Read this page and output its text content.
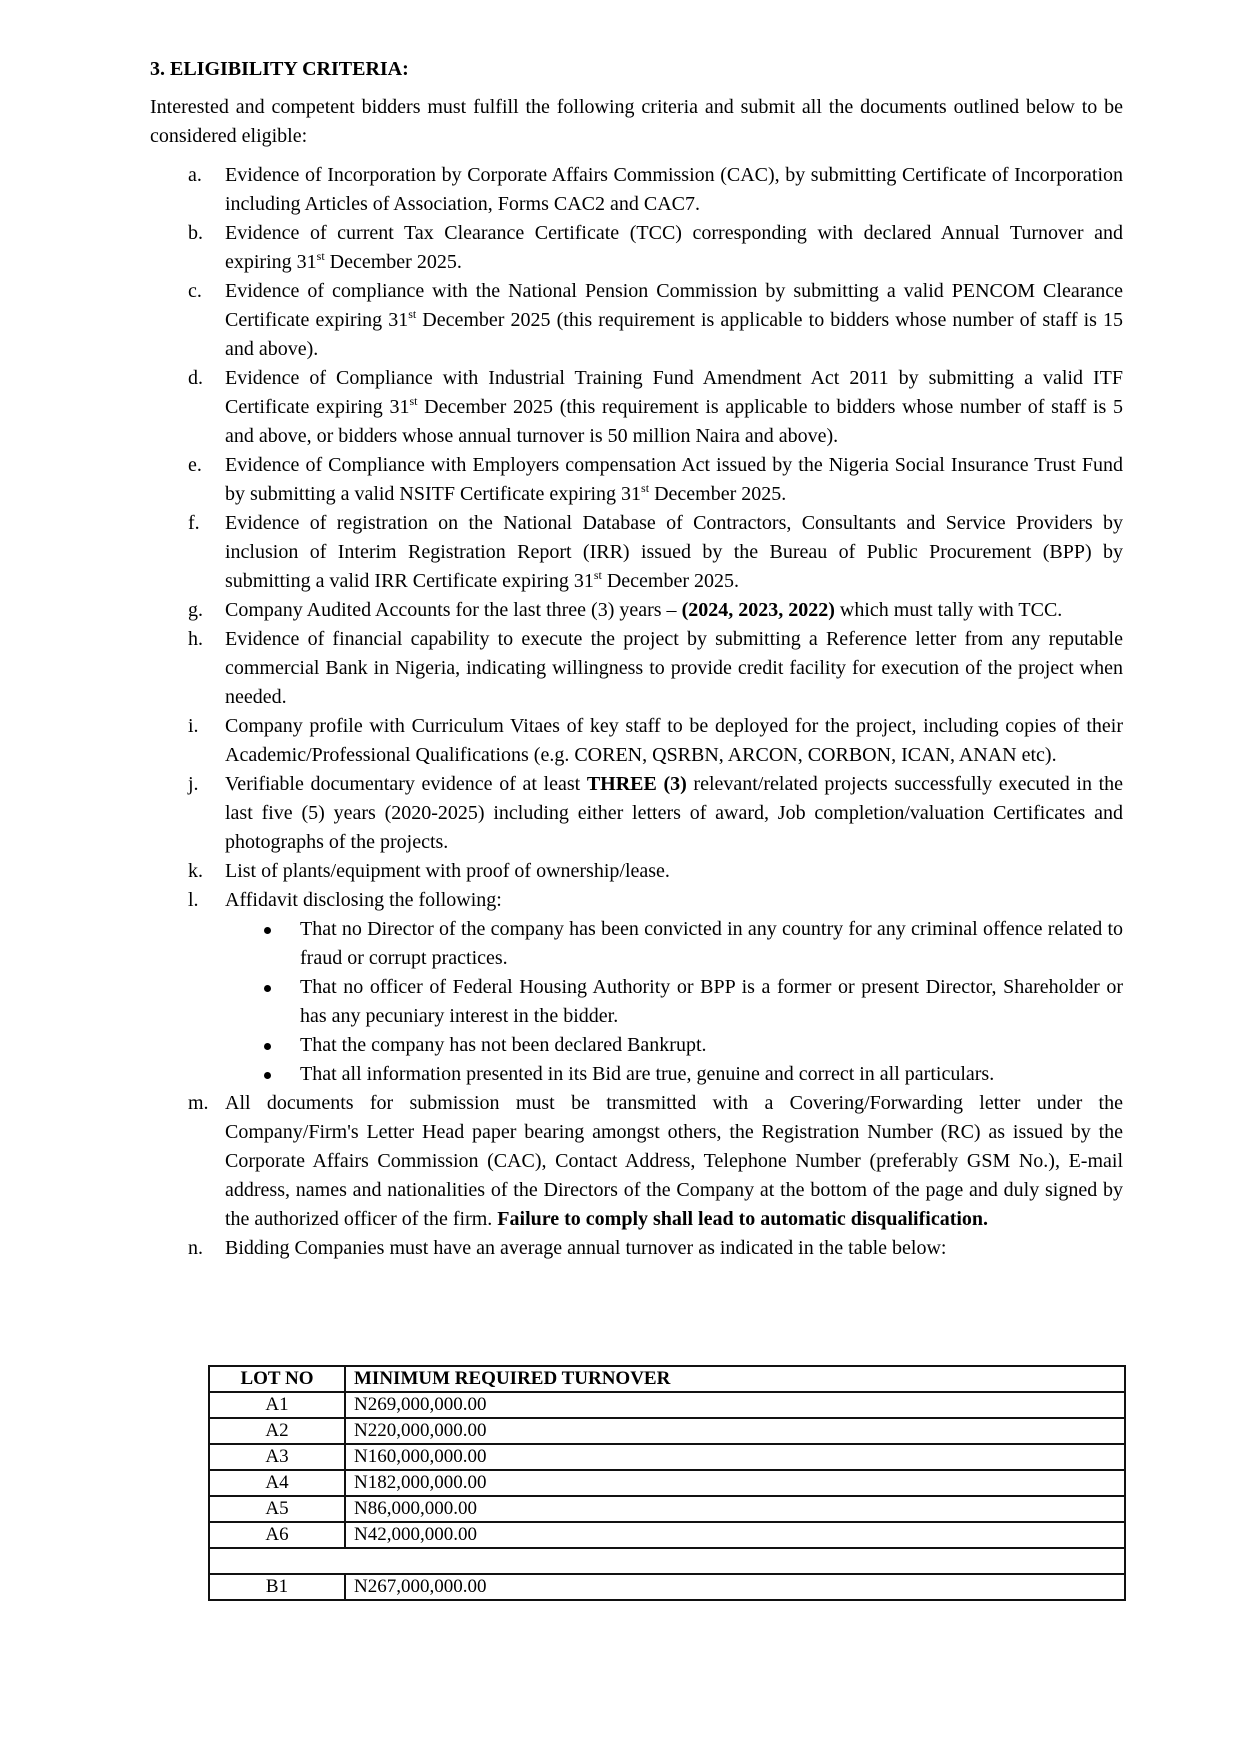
3. ELIGIBILITY CRITERIA:

Interested and competent bidders must fulfill the following criteria and submit all the documents outlined below to be considered eligible:

a. Evidence of Incorporation by Corporate Affairs Commission (CAC), by submitting Certificate of Incorporation including Articles of Association, Forms CAC2 and CAC7.
b. Evidence of current Tax Clearance Certificate (TCC) corresponding with declared Annual Turnover and expiring 31st December 2025.
c. Evidence of compliance with the National Pension Commission by submitting a valid PENCOM Clearance Certificate expiring 31st December 2025 (this requirement is applicable to bidders whose number of staff is 15 and above).
d. Evidence of Compliance with Industrial Training Fund Amendment Act 2011 by submitting a valid ITF Certificate expiring 31st December 2025 (this requirement is applicable to bidders whose number of staff is 5 and above, or bidders whose annual turnover is 50 million Naira and above).
e. Evidence of Compliance with Employers compensation Act issued by the Nigeria Social Insurance Trust Fund by submitting a valid NSITF Certificate expiring 31st December 2025.
f. Evidence of registration on the National Database of Contractors, Consultants and Service Providers by inclusion of Interim Registration Report (IRR) issued by the Bureau of Public Procurement (BPP) by submitting a valid IRR Certificate expiring 31st December 2025.
g. Company Audited Accounts for the last three (3) years – (2024, 2023, 2022) which must tally with TCC.
h. Evidence of financial capability to execute the project by submitting a Reference letter from any reputable commercial Bank in Nigeria, indicating willingness to provide credit facility for execution of the project when needed.
i. Company profile with Curriculum Vitaes of key staff to be deployed for the project, including copies of their Academic/Professional Qualifications (e.g. COREN, QSRBN, ARCON, CORBON, ICAN, ANAN etc).
j. Verifiable documentary evidence of at least THREE (3) relevant/related projects successfully executed in the last five (5) years (2020-2025) including either letters of award, Job completion/valuation Certificates and photographs of the projects.
k. List of plants/equipment with proof of ownership/lease.
l. Affidavit disclosing the following:
That no Director of the company has been convicted in any country for any criminal offence related to fraud or corrupt practices.
That no officer of Federal Housing Authority or BPP is a former or present Director, Shareholder or has any pecuniary interest in the bidder.
That the company has not been declared Bankrupt.
That all information presented in its Bid are true, genuine and correct in all particulars.
m. All documents for submission must be transmitted with a Covering/Forwarding letter under the Company/Firm's Letter Head paper bearing amongst others, the Registration Number (RC) as issued by the Corporate Affairs Commission (CAC), Contact Address, Telephone Number (preferably GSM No.), E-mail address, names and nationalities of the Directors of the Company at the bottom of the page and duly signed by the authorized officer of the firm. Failure to comply shall lead to automatic disqualification.
n. Bidding Companies must have an average annual turnover as indicated in the table below:
LOT NO	MINIMUM REQUIRED TURNOVER
A1	N269,000,000.00
A2	N220,000,000.00
A3	N160,000,000.00
A4	N182,000,000.00
A5	N86,000,000.00
A6	N42,000,000.00

B1	N267,000,000.00
